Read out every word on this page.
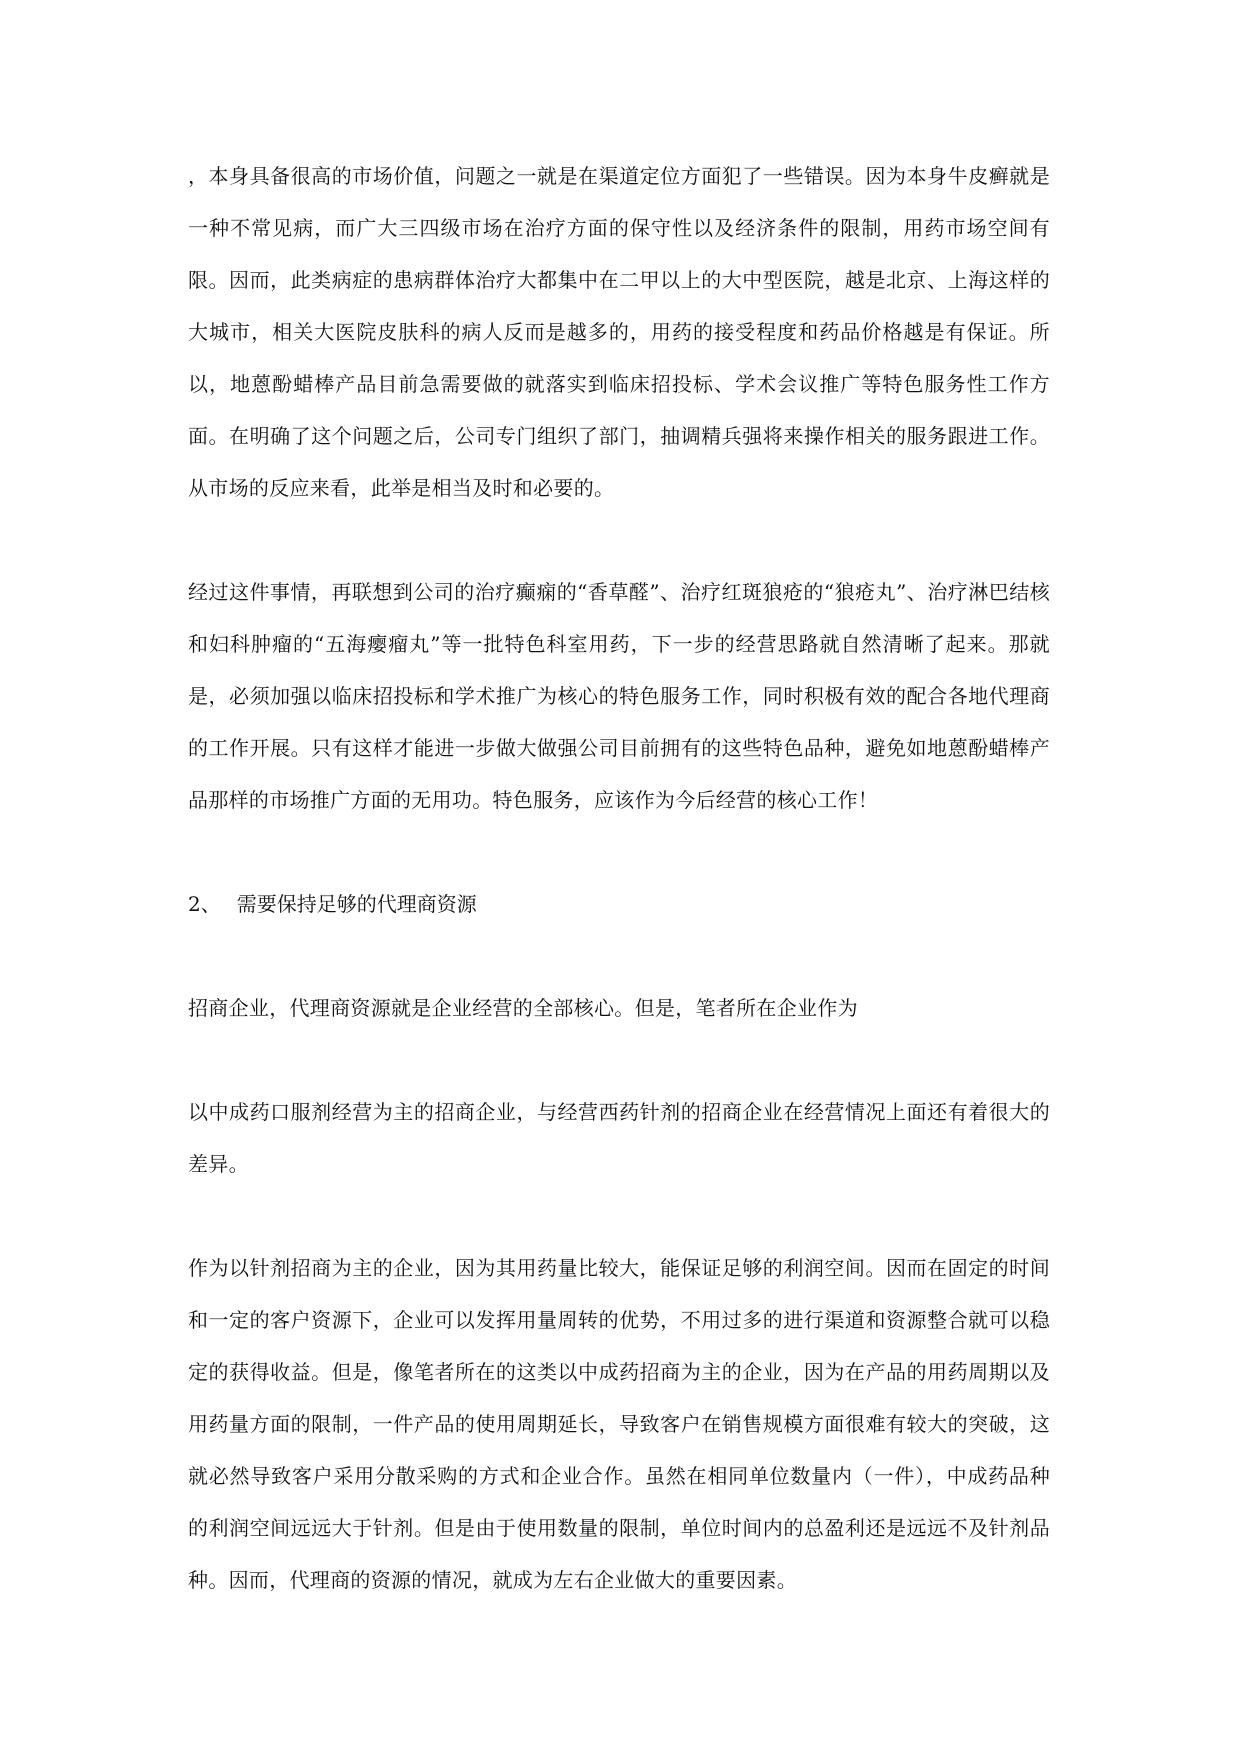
，本身具备很高的市场价值，问题之一就是在渠道定位方面犯了一些错误。因为本身牛皮癣就是一种不常见病，而广大三四级市场在治疗方面的保守性以及经济条件的限制，用药市场空间有限。因而，此类病症的患病群体治疗大都集中在二甲以上的大中型医院，越是北京、上海这样的大城市，相关大医院皮肤科的病人反而是越多的，用药的接受程度和药品价格越是有保证。所以，地蒽酚蜡棒产品目前急需要做的就落实到临床招投标、学术会议推广等特色服务性工作方面。在明确了这个问题之后，公司专门组织了部门，抽调精兵强将来操作相关的服务跟进工作。从市场的反应来看，此举是相当及时和必要的。

经过这件事情，再联想到公司的治疗癫痫的“香草醛”、治疗红斑狼疮的“狼疮丸”、治疗淋巴结核和妇科肿瘤的“五海瘿瘤丸”等一批特色科室用药，下一步的经营思路就自然清晰了起来。那就是，必须加强以临床招投标和学术推广为核心的特色服务工作，同时积极有效的配合各地代理商的工作开展。只有这样才能进一步做大做强公司目前拥有的这些特色品种，避免如地蒽酚蜡棒产品那样的市场推广方面的无用功。特色服务，应该作为今后经营的核心工作！

2、 需要保持足够的代理商资源

招商企业，代理商资源就是企业经营的全部核心。但是，笔者所在企业作为

以中成药口服剂经营为主的招商企业，与经营西药针剂的招商企业在经营情况上面还有着很大的差异。

作为以针剂招商为主的企业，因为其用药量比较大，能保证足够的利润空间。因而在固定的时间和一定的客户资源下，企业可以发挥用量周转的优势，不用过多的进行渠道和资源整合就可以稳定的获得收益。但是，像笔者所在的这类以中成药招商为主的企业，因为在产品的用药周期以及用药量方面的限制，一件产品的使用周期延长，导致客户在销售规模方面很难有较大的突破，这就必然导致客户采用分散采购的方式和企业合作。虽然在相同单位数量内（一件），中成药品种的利润空间远远大于针剂。但是由于使用数量的限制，单位时间内的总盈利还是远远不及针剂品种。因而，代理商的资源的情况，就成为左右企业做大的重要因素。
